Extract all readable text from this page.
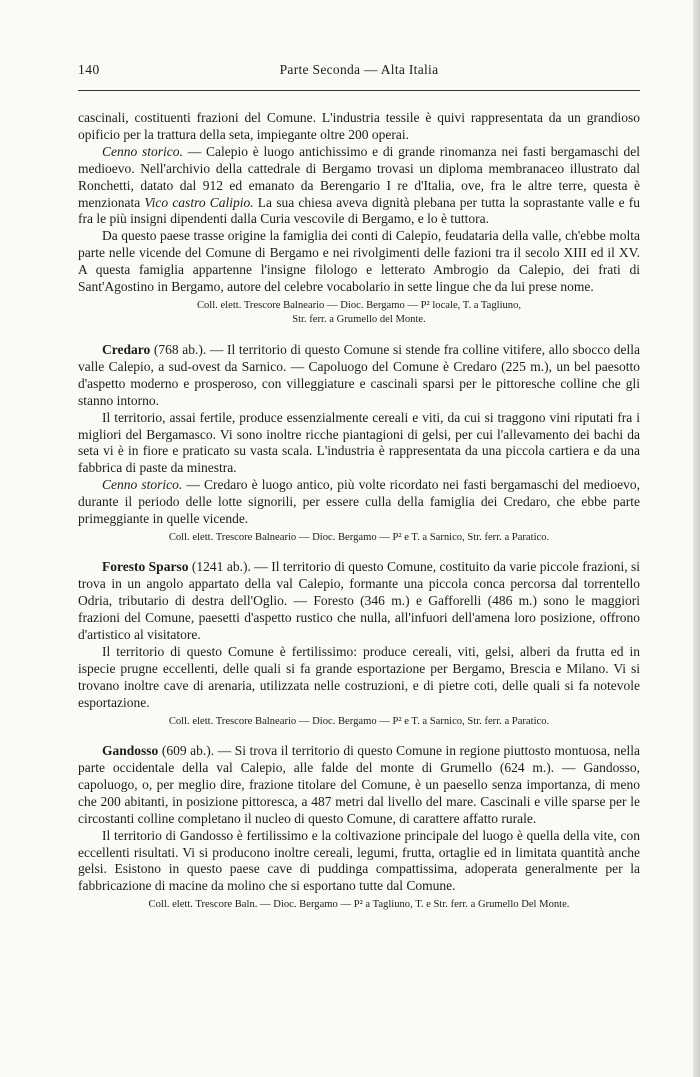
140	Parte Seconda — Alta Italia

cascinali, costituenti frazioni del Comune. L'industria tessile è quivi rappresentata da un grandioso opificio per la trattura della seta, impiegante oltre 200 operai.

Cenno storico. — Calepio è luogo antichissimo e di grande rinomanza nei fasti bergamaschi del medioevo. Nell'archivio della cattedrale di Bergamo trovasi un diploma membranaceo illustrato dal Ronchetti, datato dal 912 ed emanato da Berengario I re d'Italia, ove, fra le altre terre, questa è menzionata Vico castro Calipio. La sua chiesa aveva dignità plebana per tutta la soprastante valle e fu fra le più insigni dipendenti dalla Curia vescovile di Bergamo, e lo è tuttora.

Da questo paese trasse origine la famiglia dei conti di Calepio, feudataria della valle, ch'ebbe molta parte nelle vicende del Comune di Bergamo e nei rivolgimenti delle fazioni tra il secolo XIII ed il XV. A questa famiglia appartenne l'insigne filologo e letterato Ambrogio da Calepio, dei frati di Sant'Agostino in Bergamo, autore del celebre vocabolario in sette lingue che da lui prese nome.

Coll. elett. Trescore Balneario — Dioc. Bergamo — P² locale, T. a Tagliuno,
Str. ferr. a Grumello del Monte.

Credaro (768 ab.). — Il territorio di questo Comune si stende fra colline vitifere, allo sbocco della valle Calepio, a sud-ovest da Sarnico. — Capoluogo del Comune è Credaro (225 m.), un bel paesotto d'aspetto moderno e prosperoso, con villeggiature e cascinali sparsi per le pittoresche colline che gli stanno intorno.

Il territorio, assai fertile, produce essenzialmente cereali e viti, da cui si traggono vini riputati fra i migliori del Bergamasco. Vi sono inoltre ricche piantagioni di gelsi, per cui l'allevamento dei bachi da seta vi è in fiore e praticato su vasta scala. L'industria è rappresentata da una piccola cartiera e da una fabbrica di paste da minestra.

Cenno storico. — Credaro è luogo antico, più volte ricordato nei fasti bergamaschi del medioevo, durante il periodo delle lotte signorili, per essere culla della famiglia dei Credaro, che ebbe parte primeggiante in quelle vicende.

Coll. elett. Trescore Balneario — Dioc. Bergamo — P² e T. a Sarnico, Str. ferr. a Paratico.

Foresto Sparso (1241 ab.). — Il territorio di questo Comune, costituito da varie piccole frazioni, si trova in un angolo appartato della val Calepio, formante una piccola conca percorsa dal torrentello Odria, tributario di destra dell'Oglio. — Foresto (346 m.) e Gafforelli (486 m.) sono le maggiori frazioni del Comune, paesetti d'aspetto rustico che nulla, all'infuori dell'amena loro posizione, offrono d'artistico al visitatore.

Il territorio di questo Comune è fertilissimo: produce cereali, viti, gelsi, alberi da frutta ed in ispecie prugne eccellenti, delle quali si fa grande esportazione per Bergamo, Brescia e Milano. Vi si trovano inoltre cave di arenaria, utilizzata nelle costruzioni, e di pietre coti, delle quali si fa notevole esportazione.

Coll. elett. Trescore Balneario — Dioc. Bergamo — P² e T. a Sarnico, Str. ferr. a Paratico.

Gandosso (609 ab.). — Si trova il territorio di questo Comune in regione piuttosto montuosa, nella parte occidentale della val Calepio, alle falde del monte di Grumello (624 m.). — Gandosso, capoluogo, o, per meglio dire, frazione titolare del Comune, è un paesello senza importanza, di meno che 200 abitanti, in posizione pittoresca, a 487 metri dal livello del mare. Cascinali e ville sparse per le circostanti colline completano il nucleo di questo Comune, di carattere affatto rurale.

Il territorio di Gandosso è fertilissimo e la coltivazione principale del luogo è quella della vite, con eccellenti risultati. Vi si producono inoltre cereali, legumi, frutta, ortaglie ed in limitata quantità anche gelsi. Esistono in questo paese cave di puddinga compattissima, adoperata generalmente per la fabbricazione di macine da molino che si esportano tutte dal Comune.

Coll. elett. Trescore Baln. — Dioc. Bergamo — P² a Tagliuno, T. e Str. ferr. a Grumello Del Monte.
